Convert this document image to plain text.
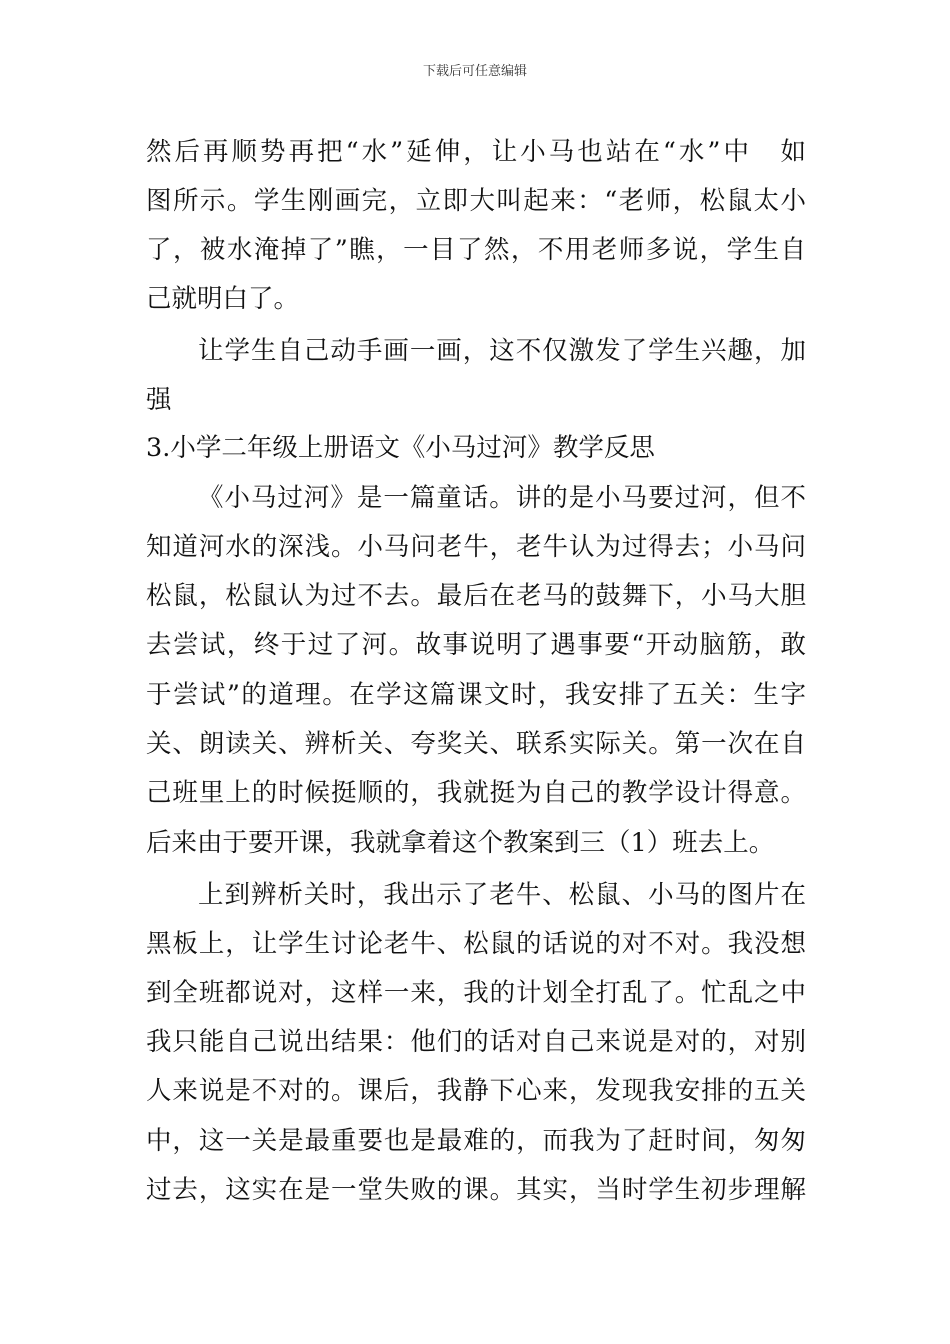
下载后可任意编辑
然后再顺势再把“水”延伸，让小马也站在“水”中　如
图所示。学生刚画完，立即大叫起来：“老师，松鼠太小
了，被水淹掉了”瞧，一目了然，不用老师多说，学生自
己就明白了。
让学生自己动手画一画，这不仅激发了学生兴趣，加
强
3.小学二年级上册语文《小马过河》教学反思
《小马过河》是一篇童话。讲的是小马要过河，但不
知道河水的深浅。小马问老牛，老牛认为过得去；小马问
松鼠，松鼠认为过不去。最后在老马的鼓舞下，小马大胆
去尝试，终于过了河。故事说明了遇事要“开动脑筋，敢
于尝试”的道理。在学这篇课文时，我安排了五关：生字
关、朗读关、辨析关、夸奖关、联系实际关。第一次在自
己班里上的时候挺顺的，我就挺为自己的教学设计得意。
后来由于要开课，我就拿着这个教案到三（1）班去上。
上到辨析关时，我出示了老牛、松鼠、小马的图片在
黑板上，让学生讨论老牛、松鼠的话说的对不对。我没想
到全班都说对，这样一来，我的计划全打乱了。忙乱之中
我只能自己说出结果：他们的话对自己来说是对的，对别
人来说是不对的。课后，我静下心来，发现我安排的五关
中，这一关是最重要也是最难的，而我为了赶时间，匆匆
过去，这实在是一堂失败的课。其实，当时学生初步理解
